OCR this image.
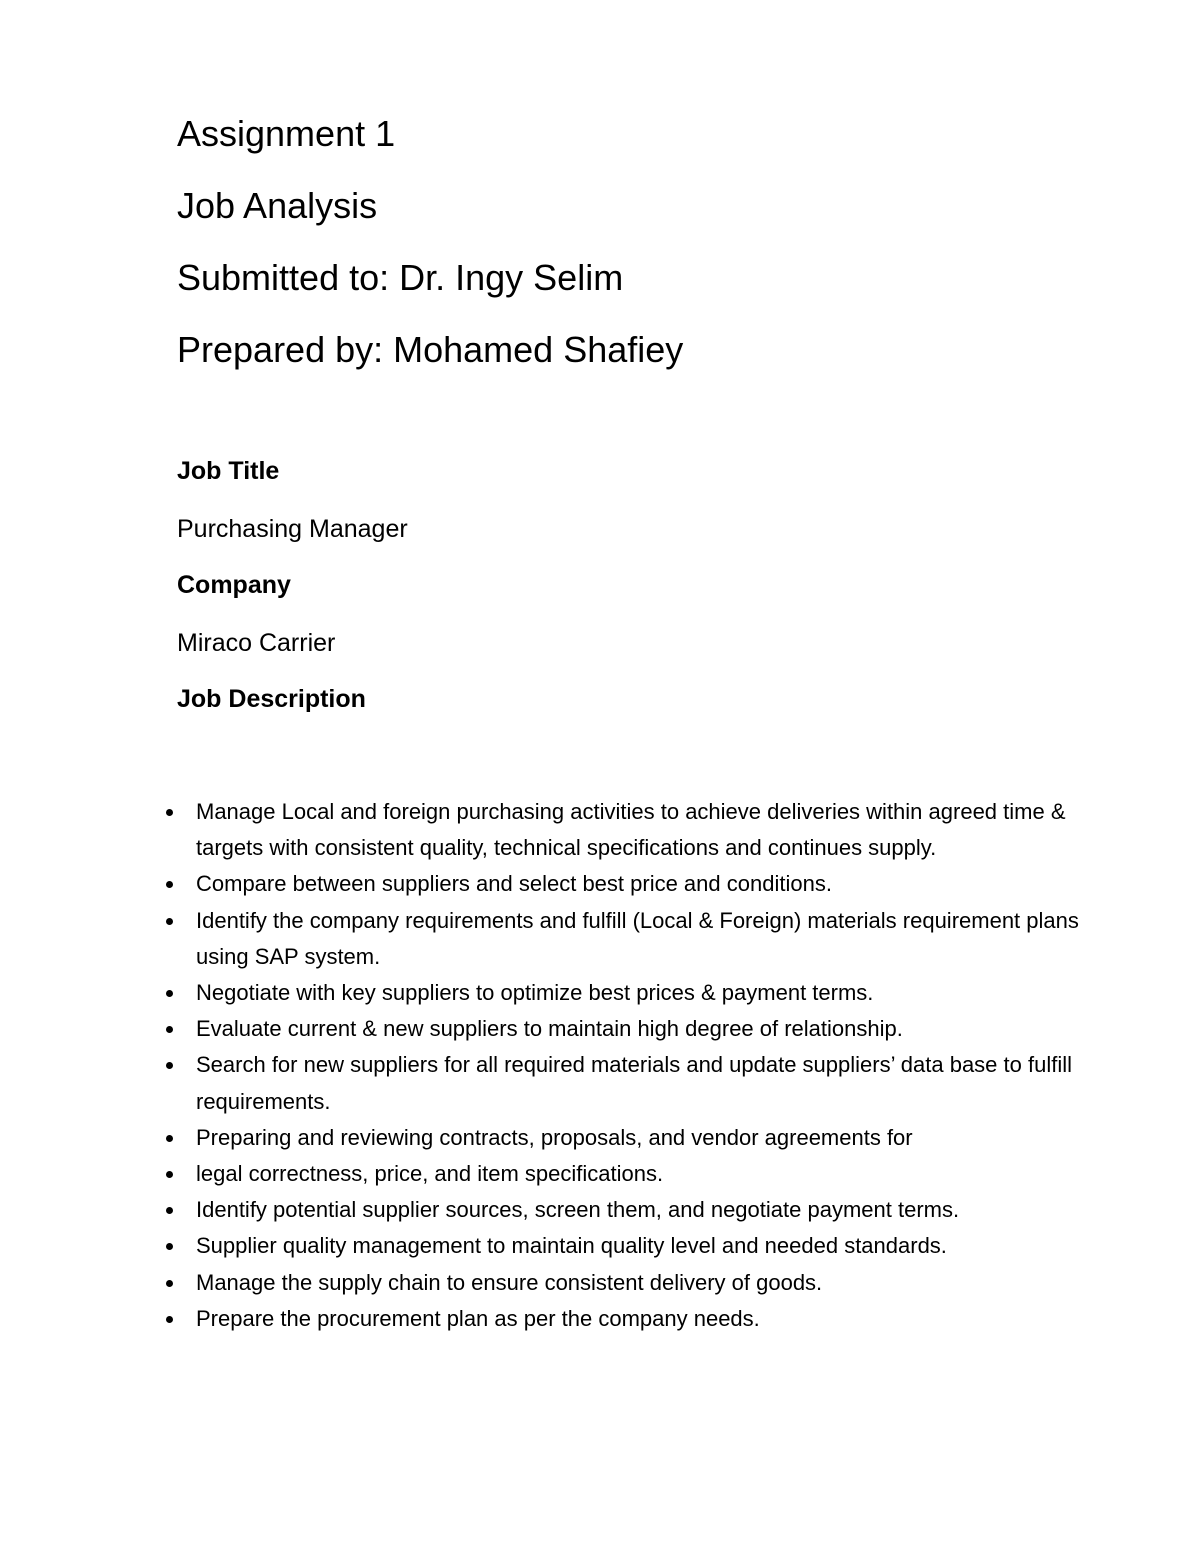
Assignment 1
Job Analysis
Submitted to: Dr. Ingy Selim
Prepared by: Mohamed Shafiey
Job Title
Purchasing Manager
Company
Miraco Carrier
Job Description
Manage Local and foreign purchasing activities to achieve deliveries within agreed time & targets with consistent quality, technical specifications and continues supply.
Compare between suppliers and select best price and conditions.
Identify the company requirements and fulfill (Local & Foreign) materials requirement plans using SAP system.
Negotiate with key suppliers to optimize best prices & payment terms.
Evaluate current & new suppliers to maintain high degree of relationship.
Search for new suppliers for all required materials and update suppliers’ data base to fulfill requirements.
Preparing and reviewing contracts, proposals, and vendor agreements for
legal correctness, price, and item specifications.
Identify potential supplier sources, screen them, and negotiate payment terms.
Supplier quality management to maintain quality level and needed standards.
Manage the supply chain to ensure consistent delivery of goods.
Prepare the procurement plan as per the company needs.
